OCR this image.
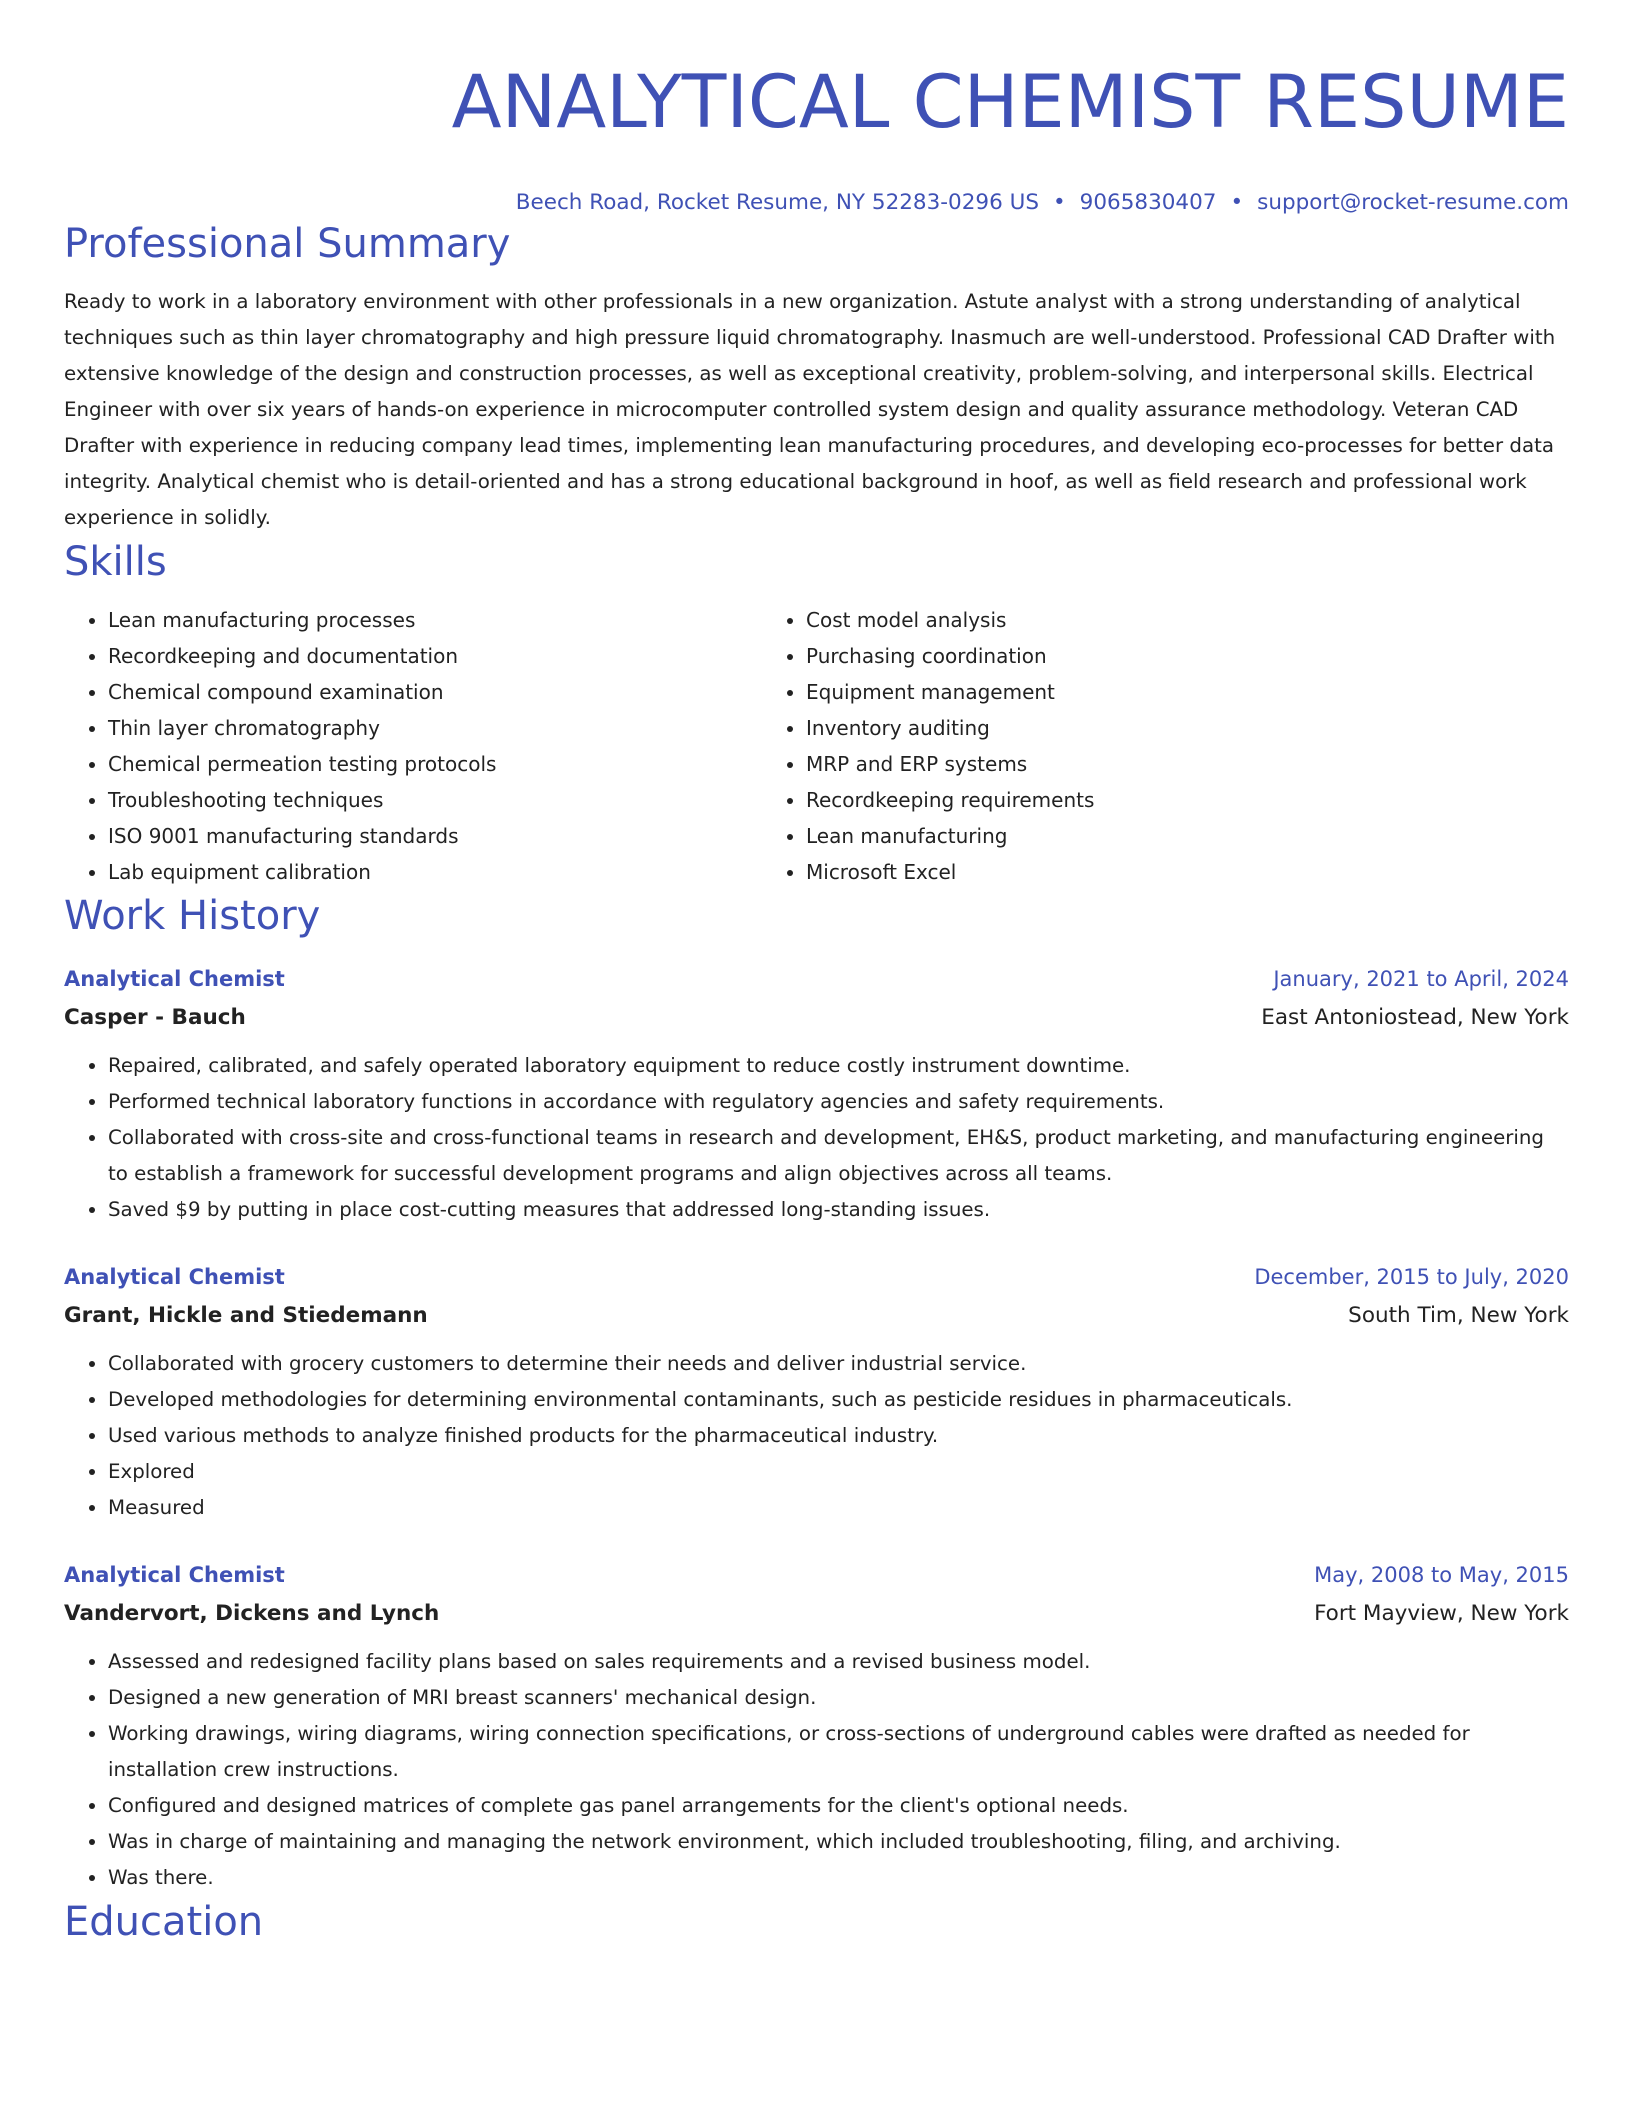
ANALYTICAL CHEMIST RESUME
Beech Road, Rocket Resume, NY 52283-0296 US • 9065830407 • support@rocket-resume.com
Professional Summary
Ready to work in a laboratory environment with other professionals in a new organization. Astute analyst with a strong understanding of analytical techniques such as thin layer chromatography and high pressure liquid chromatography. Inasmuch are well-understood. Professional CAD Drafter with extensive knowledge of the design and construction processes, as well as exceptional creativity, problem-solving, and interpersonal skills. Electrical Engineer with over six years of hands-on experience in microcomputer controlled system design and quality assurance methodology. Veteran CAD Drafter with experience in reducing company lead times, implementing lean manufacturing procedures, and developing eco-processes for better data integrity. Analytical chemist who is detail-oriented and has a strong educational background in hoof, as well as field research and professional work experience in solidly.
Skills
• Lean manufacturing processes
• Recordkeeping and documentation
• Chemical compound examination
• Thin layer chromatography
• Chemical permeation testing protocols
• Troubleshooting techniques
• ISO 9001 manufacturing standards
• Lab equipment calibration
• Cost model analysis
• Purchasing coordination
• Equipment management
• Inventory auditing
• MRP and ERP systems
• Recordkeeping requirements
• Lean manufacturing
• Microsoft Excel
Work History
Analytical Chemist	January, 2021 to April, 2024
Casper - Bauch	East Antoniostead, New York
• Repaired, calibrated, and safely operated laboratory equipment to reduce costly instrument downtime.
• Performed technical laboratory functions in accordance with regulatory agencies and safety requirements.
• Collaborated with cross-site and cross-functional teams in research and development, EH&S, product marketing, and manufacturing engineering to establish a framework for successful development programs and align objectives across all teams.
• Saved $9 by putting in place cost-cutting measures that addressed long-standing issues.
Analytical Chemist	December, 2015 to July, 2020
Grant, Hickle and Stiedemann	South Tim, New York
• Collaborated with grocery customers to determine their needs and deliver industrial service.
• Developed methodologies for determining environmental contaminants, such as pesticide residues in pharmaceuticals.
• Used various methods to analyze finished products for the pharmaceutical industry.
• Explored
• Measured
Analytical Chemist	May, 2008 to May, 2015
Vandervort, Dickens and Lynch	Fort Mayview, New York
• Assessed and redesigned facility plans based on sales requirements and a revised business model.
• Designed a new generation of MRI breast scanners' mechanical design.
• Working drawings, wiring diagrams, wiring connection specifications, or cross-sections of underground cables were drafted as needed for installation crew instructions.
• Configured and designed matrices of complete gas panel arrangements for the client's optional needs.
• Was in charge of maintaining and managing the network environment, which included troubleshooting, filing, and archiving.
• Was there.
Education
